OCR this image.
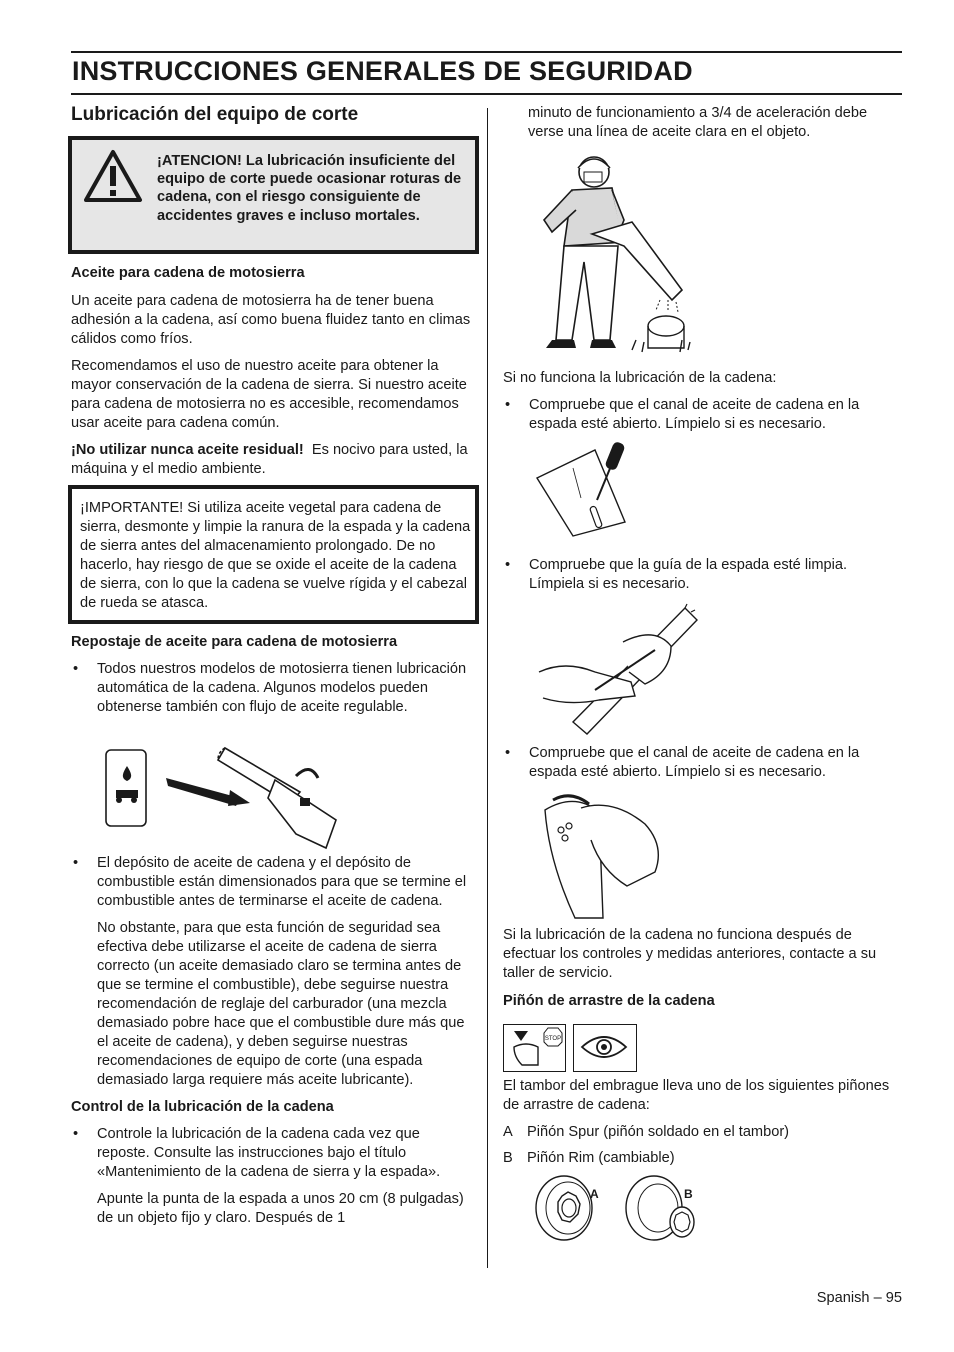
INSTRUCCIONES GENERALES DE SEGURIDAD
Lubricación del equipo de corte
¡ATENCION! La lubricación insuficiente del equipo de corte puede ocasionar roturas de cadena, con el riesgo consiguiente de accidentes graves e incluso mortales.
Aceite para cadena de motosierra

Un aceite para cadena de motosierra ha de tener buena adhesión a la cadena, así como buena fluidez tanto en climas cálidos como fríos.

Recomendamos el uso de nuestro aceite para obtener la mayor conservación de la cadena de sierra. Si nuestro aceite para cadena de motosierra no es accesible, recomendamos usar aceite para cadena común.

¡No utilizar nunca aceite residual! Es nocivo para usted, la máquina y el medio ambiente.

¡IMPORTANTE! Si utiliza aceite vegetal para cadena de sierra, desmonte y limpie la ranura de la espada y la cadena de sierra antes del almacenamiento prolongado. De no hacerlo, hay riesgo de que se oxide el aceite de la cadena de sierra, con lo que la cadena se vuelve rígida y el cabezal de rueda se atasca.
Repostaje de aceite para cadena de motosierra
• Todos nuestros modelos de motosierra tienen lubricación automática de la cadena. Algunos modelos pueden obtenerse también con flujo de aceite regulable.
• El depósito de aceite de cadena y el depósito de combustible están dimensionados para que se termine el combustible antes de terminarse el aceite de cadena.

No obstante, para que esta función de seguridad sea efectiva debe utilizarse el aceite de cadena de sierra correcto (un aceite demasiado claro se termina antes de que se termine el combustible), debe seguirse nuestra recomendación de reglaje del carburador (una mezcla demasiado pobre hace que el combustible dure más que el aceite de cadena), y deben seguirse nuestras recomendaciones de equipo de corte (una espada demasiado larga requiere más aceite lubricante).

Control de la lubricación de la cadena
• Controle la lubricación de la cadena cada vez que reposte. Consulte las instrucciones bajo el título «Mantenimiento de la cadena de sierra y la espada».

Apunte la punta de la espada a unos 20 cm (8 pulgadas) de un objeto fijo y claro. Después de 1

minuto de funcionamiento a 3/4 de aceleración debe verse una línea de aceite clara en el objeto.

Si no funciona la lubricación de la cadena:

• Compruebe que el canal de aceite de cadena en la espada esté abierto. Límpielo si es necesario.
• Compruebe que la guía de la espada esté limpia. Límpiela si es necesario.
• Compruebe que el canal de aceite de cadena en la espada esté abierto. Límpielo si es necesario.

Si la lubricación de la cadena no funciona después de efectuar los controles y medidas anteriores, contacte a su taller de servicio.

Piñón de arrastre de la cadena
STOP

El tambor del embrague lleva uno de los siguientes piñones de arrastre de cadena:

A Piñón Spur (piñón soldado en el tambor)
B Piñón Rim (cambiable)
A	B
Spanish – 95
